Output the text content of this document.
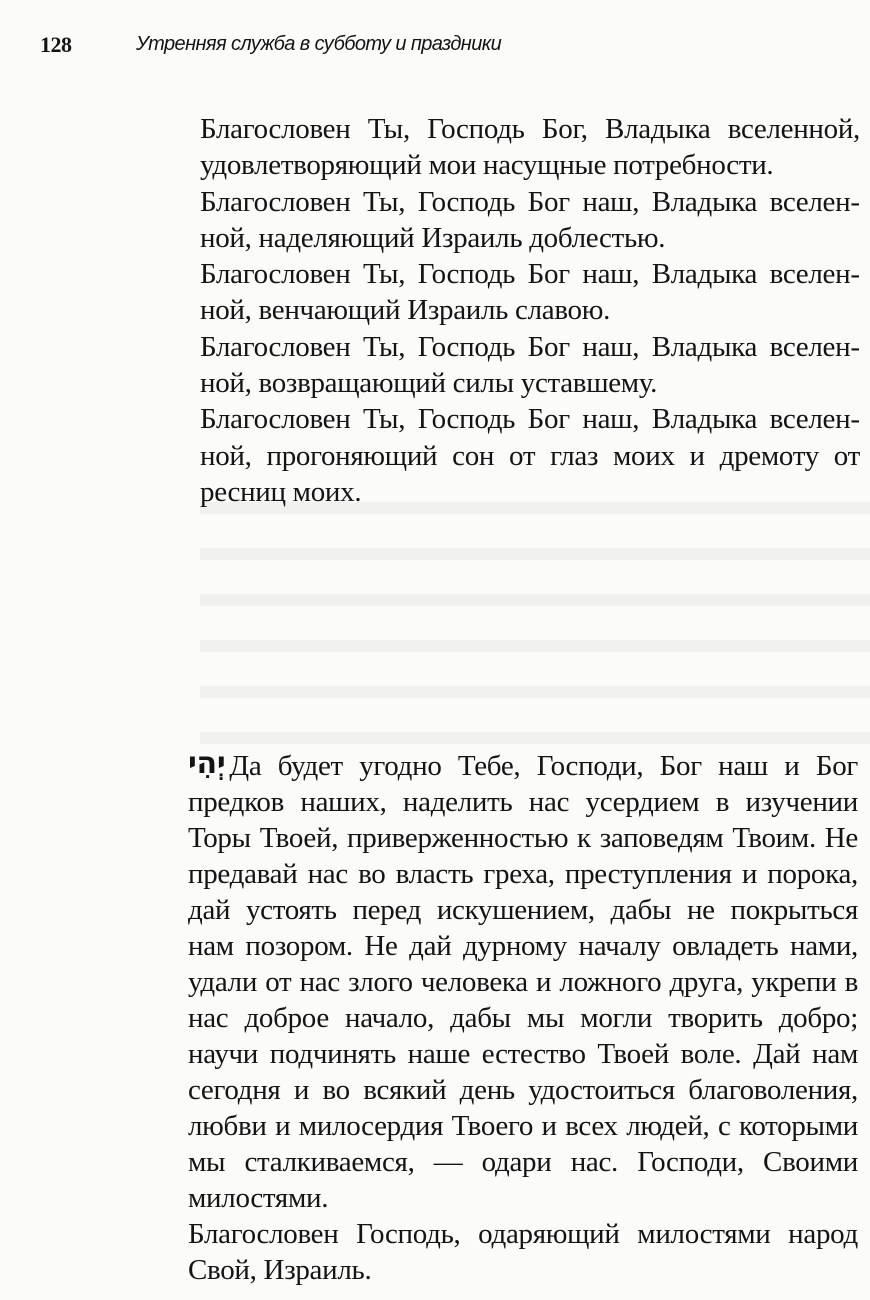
128	Утренняя служба в субботу и праздники

Благословен Ты, Господь Бог, Владыка вселенной, удовлетворяющий мои насущные потребности.

Благословен Ты, Господь Бог наш, Владыка вселенной, наделяющий Израиль доблестью.

Благословен Ты, Господь Бог наш, Владыка вселенной, венчающий Израиль славою.

Благословен Ты, Господь Бог наш, Владыка вселенной, возвращающий силы уставшему.

Благословен Ты, Господь Бог наш, Владыка вселенной, прогоняющий сон от глаз моих и дремоту от ресниц моих.

יְהִי Да будет угодно Тебе, Господи, Бог наш и Бог предков наших, наделить нас усердием в изучении Торы Твоей, приверженностью к заповедям Твоим. Не предавай нас во власть греха, преступления и порока, дай устоять перед искушением, дабы не покрыться нам позором. Не дай дурному началу овладеть нами, удали от нас злого человека и ложного друга, укрепи в нас доброе начало, дабы мы могли творить добро; научи подчинять наше естество Твоей воле. Дай нам сегодня и во всякий день удостоиться благоволения, любви и милосердия Твоего и всех людей, с которыми мы сталкиваемся, — одари нас. Господи, Своими милостями.

Благословен Господь, одаряющий милостями народ Свой, Израиль.
